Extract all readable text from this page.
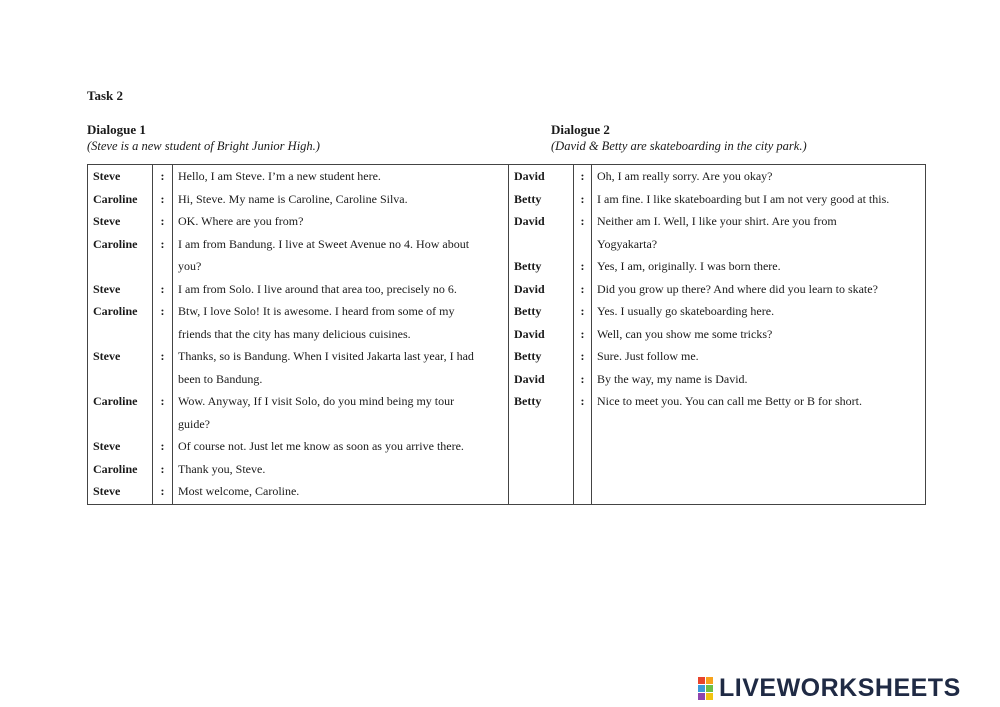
Task 2
Dialogue 1
(Steve is a new student of Bright Junior High.)
Dialogue 2
(David & Betty are skateboarding in the city park.)
Steve	:	Hello, I am Steve. I’m a new student here.	David	:	Oh, I am really sorry. Are you okay?
Caroline	:	Hi, Steve. My name is Caroline, Caroline Silva.	Betty	:	I am fine. I like skateboarding but I am not very good at this.
Steve	:	OK. Where are you from?	David	:	Neither am I. Well, I like your shirt. Are you from
Caroline	:	I am from Bandung. I live at Sweet Avenue no 4. How about			Yogyakarta?
		you?	Betty	:	Yes, I am, originally. I was born there.
Steve	:	I am from Solo. I live around that area too, precisely no 6.	David	:	Did you grow up there? And where did you learn to skate?
Caroline	:	Btw, I love Solo! It is awesome. I heard from some of my	Betty	:	Yes. I usually go skateboarding here.
		friends that the city has many delicious cuisines.	David	:	Well, can you show me some tricks?
Steve	:	Thanks, so is Bandung. When I visited Jakarta last year, I had	Betty	:	Sure. Just follow me.
		been to Bandung.	David	:	By the way, my name is David.
Caroline	:	Wow. Anyway, If I visit Solo, do you mind being my tour	Betty	:	Nice to meet you. You can call me Betty or B for short.
		guide?			
Steve	:	Of course not. Just let me know as soon as you arrive there.			
Caroline	:	Thank you, Steve.			
Steve	:	Most welcome, Caroline.			

LIVEWORKSHEETS
